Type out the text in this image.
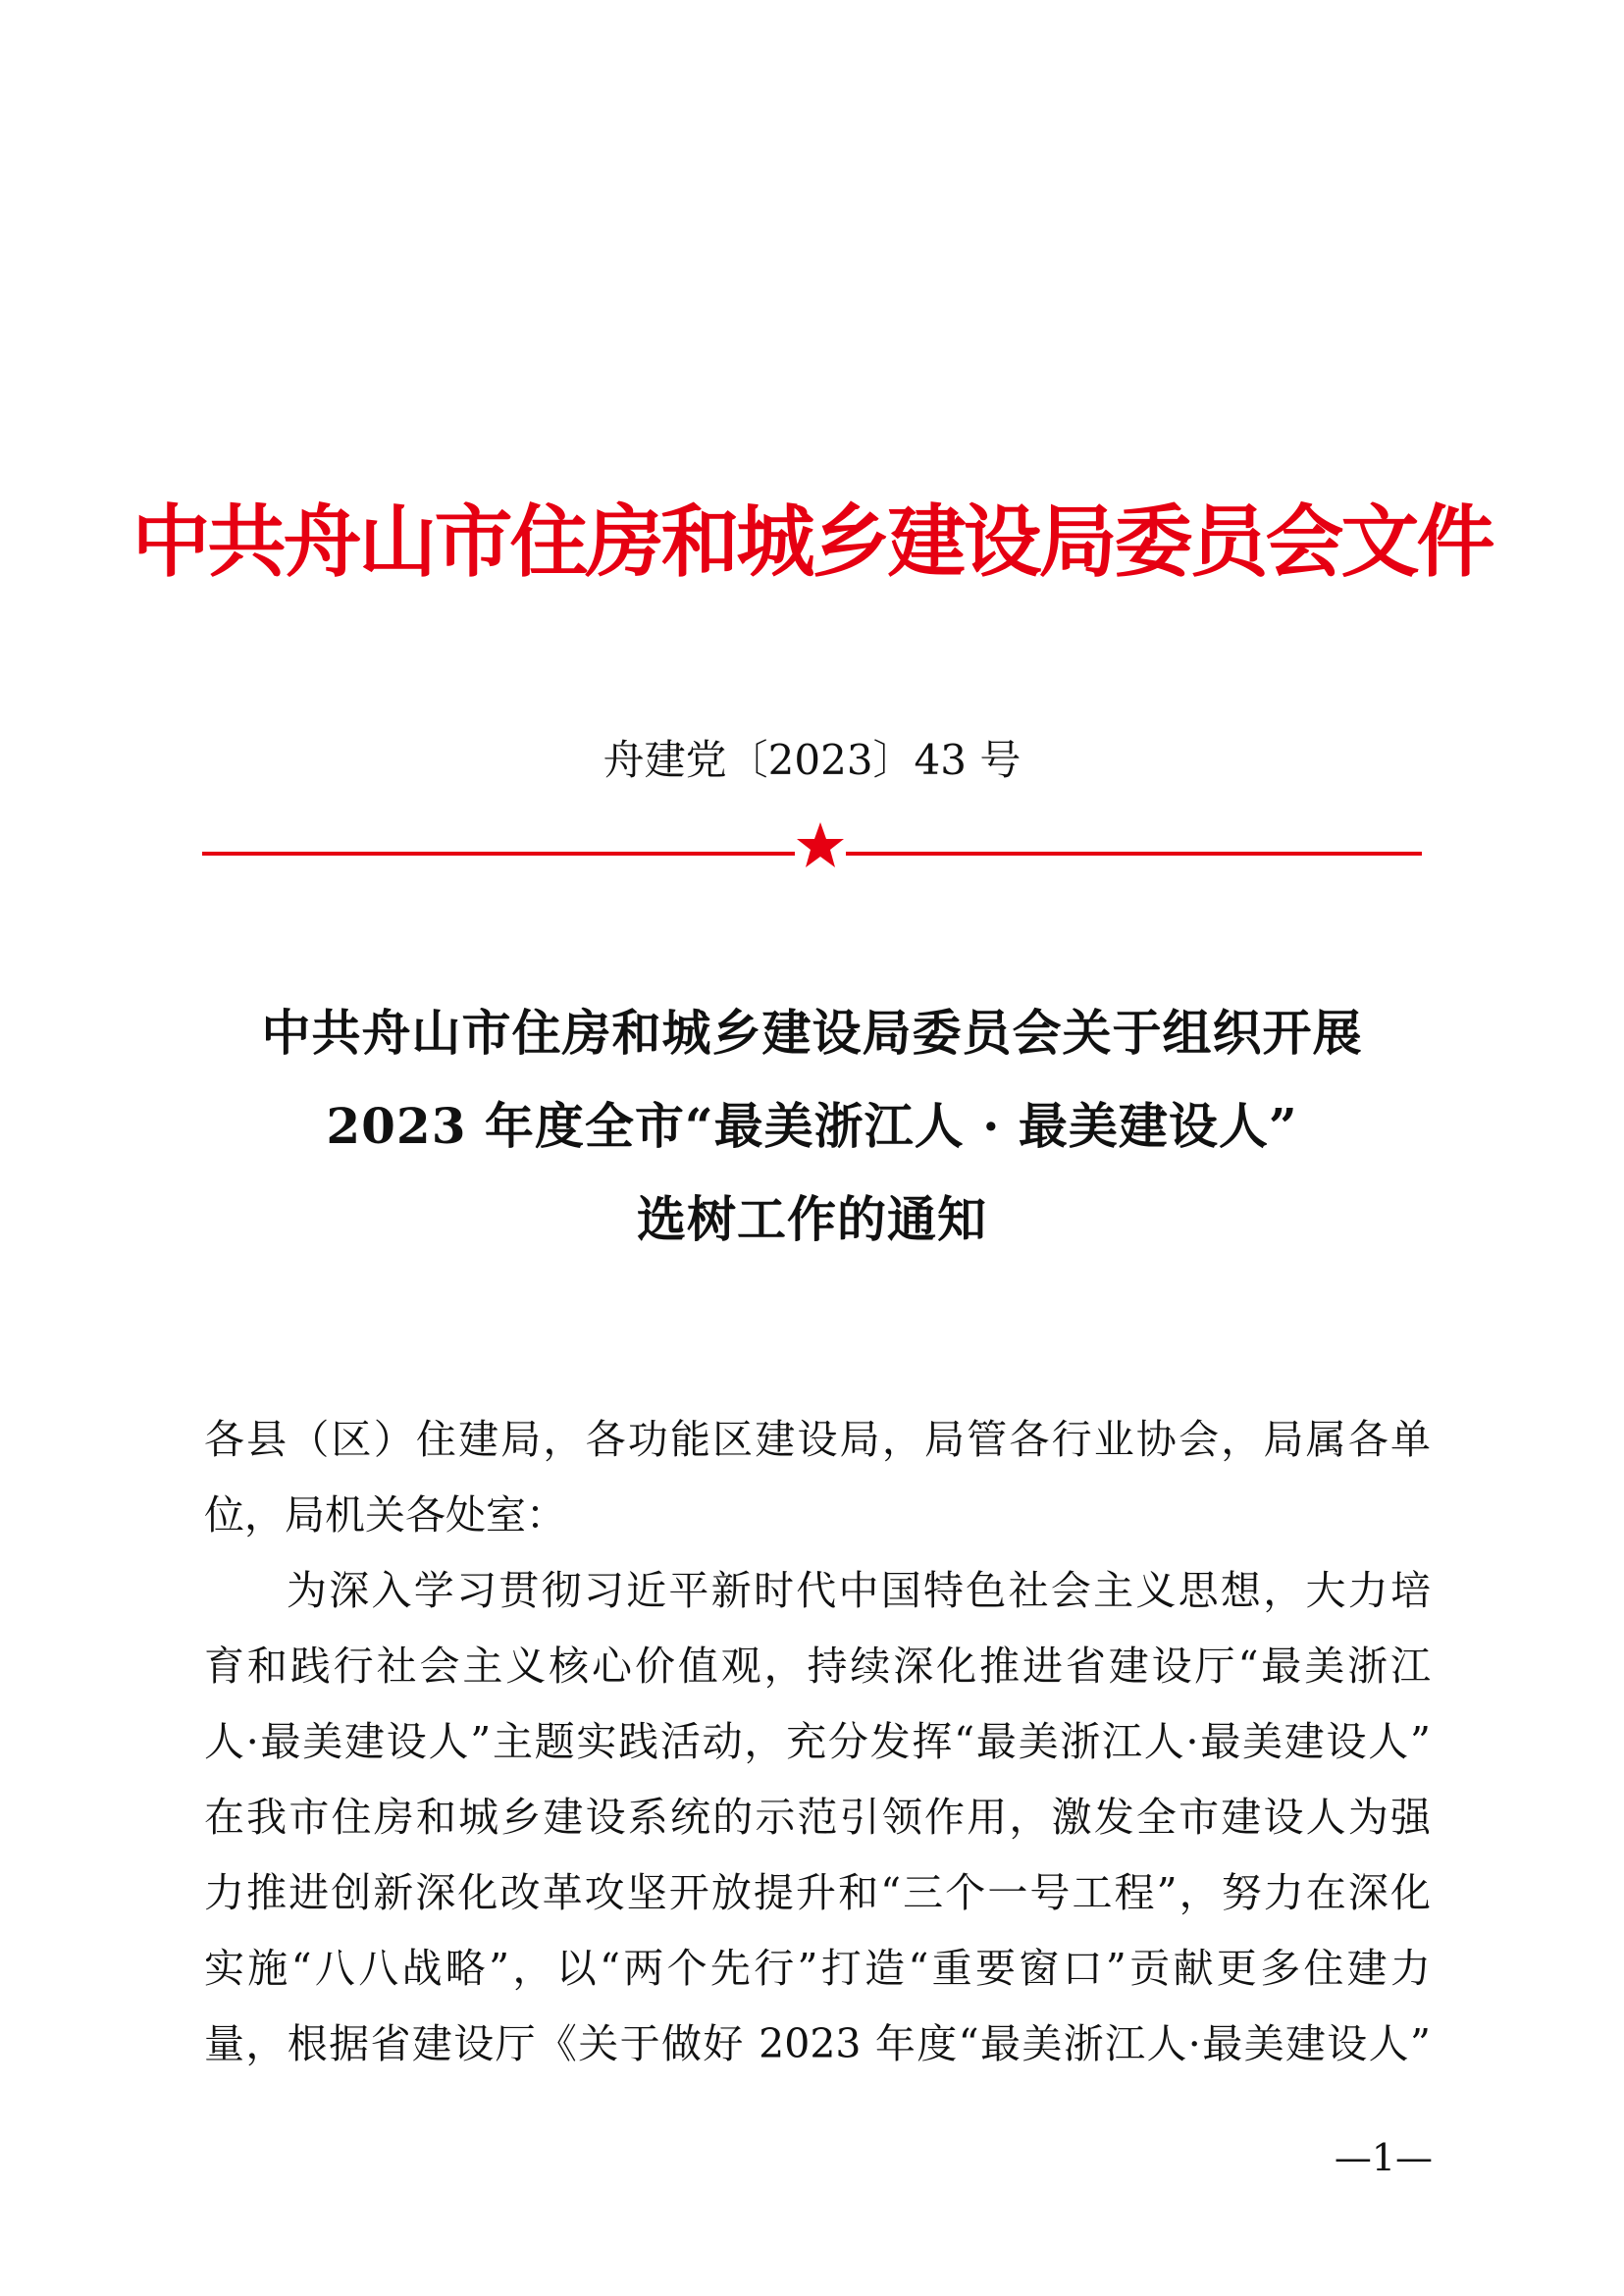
中共舟山市住房和城乡建设局委员会文件
舟建党〔2023〕43 号
中共舟山市住房和城乡建设局委员会关于组织开展
2023 年度全市“最美浙江人 · 最美建设人”
选树工作的通知
各县（区）住建局，各功能区建设局，局管各行业协会，局属各单
位，局机关各处室：
为深入学习贯彻习近平新时代中国特色社会主义思想，大力培
育和践行社会主义核心价值观，持续深化推进省建设厅“最美浙江
人·最美建设人”主题实践活动，充分发挥“最美浙江人·最美建设人”
在我市住房和城乡建设系统的示范引领作用，激发全市建设人为强
力推进创新深化改革攻坚开放提升和“三个一号工程”，努力在深化
实施“八八战略”，以“两个先行”打造“重要窗口”贡献更多住建力
量，根据省建设厅《关于做好 2023 年度“最美浙江人·最美建设人”
—1—
